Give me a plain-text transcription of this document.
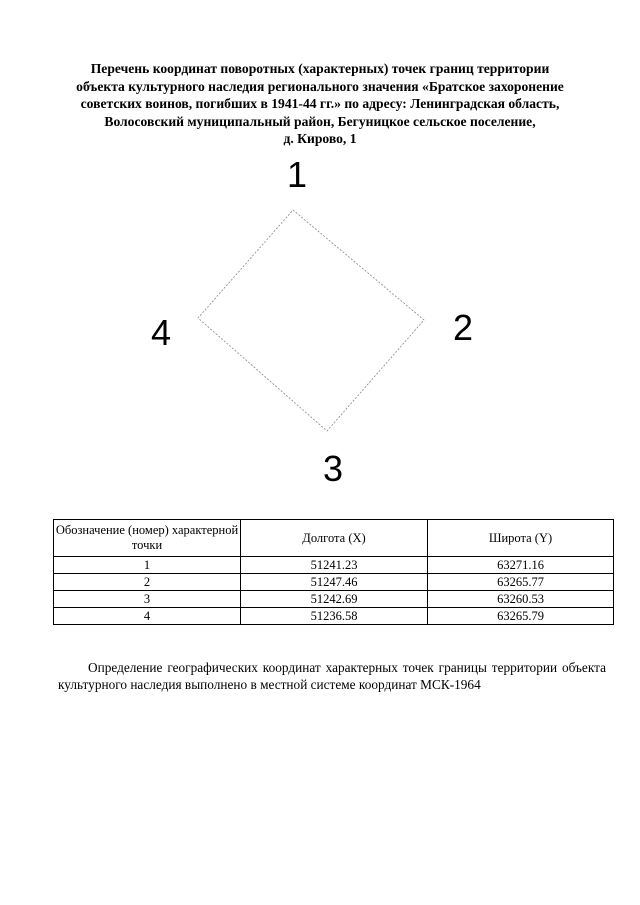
Перечень координат поворотных (характерных) точек границ территории
объекта культурного наследия регионального значения «Братское захоронение
советских воинов, погибших в 1941-44 гг.» по адресу: Ленинградская область,
Волосовский муниципальный район, Бегуницкое сельское поселение,
д. Кирово, 1
1
2
3
4
Обозначение (номер) характерной точки	Долгота (X)	Широта (Y)
1	51241.23	63271.16
2	51247.46	63265.77
3	51242.69	63260.53
4	51236.58	63265.79

Определение географических координат характерных точек границы территории объекта культурного наследия выполнено в местной системе координат МСК-1964
